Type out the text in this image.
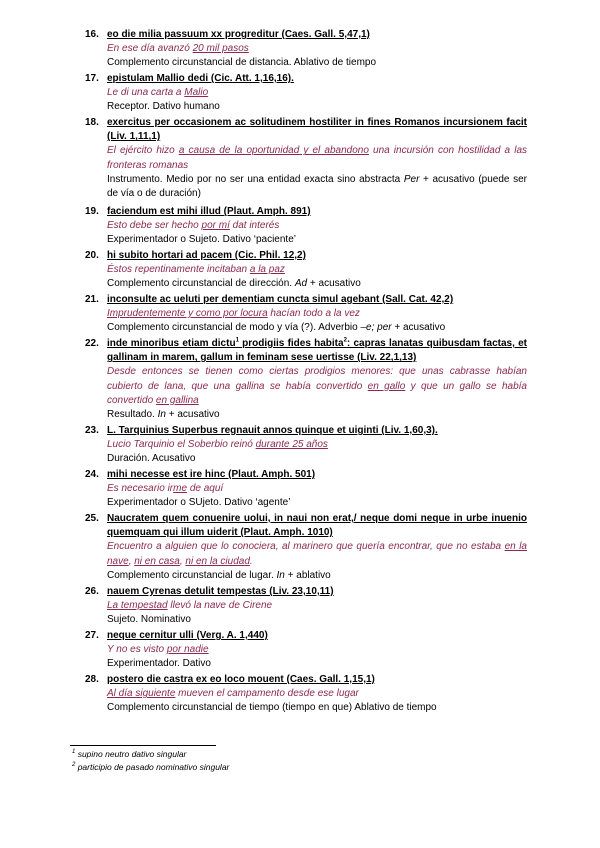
16. eo die milia passuum xx progreditur (Caes. Gall. 5,47,1)
En ese día avanzó 20 mil pasos
Complemento circunstancial de distancia. Ablativo de tiempo
17. epistulam Mallio dedi (Cic. Att. 1,16,16).
Le di una carta a Malio
Receptor. Dativo humano
18. exercitus per occasionem ac solitudinem hostiliter in fines Romanos incursionem facit (Liv. 1,11,1)
El ejército hizo a causa de la oportunidad y el abandono una incursión con hostilidad a las fronteras romanas
Instrumento. Medio por no ser una entidad exacta sino abstracta Per + acusativo (puede ser de vía o de duración)
19. faciendum est mihi illud (Plaut. Amph. 891)
Esto debe ser hecho por mí dat interés
Experimentador o Sujeto. Dativo ‘paciente’
20. hi subito hortari ad pacem (Cic. Phil. 12,2)
Éstos repentinamente incitaban a la paz
Complemento circunstancial de dirección. Ad + acusativo
21. inconsulte ac ueluti per dementiam cuncta simul agebant (Sall. Cat. 42,2)
Imprudentemente y como por locura hacían todo a la vez
Complemento circunstancial de modo y vía (?). Adverbio –e; per + acusativo
22. inde minoribus etiam dictu$^1$ prodigiis fides habita$^2$: capras lanatas quibusdam factas, et gallinam in marem, gallum in feminam sese uertisse (Liv. 22,1,13)
Desde entonces se tienen como ciertas prodigios menores: que unas cabrasse habían cubierto de lana, que una gallina se había convertido en gallo y que un gallo se había convertido en gallina
Resultado. In + acusativo
23. L. Tarquinius Superbus regnauit annos quinque et uiginti (Liv. 1,60,3).
Lucio Tarquinio el Soberbio reinó durante 25 años
Duración. Acusativo
24. mihi necesse est ire hinc (Plaut. Amph. 501)
Es necesario irme de aquí
Experimentador o SUjeto. Dativo ‘agente’
25. Naucratem quem conuenire uolui, in naui non erat,/ neque domi neque in urbe inuenio quemquam qui illum uiderit (Plaut. Amph. 1010)
Encuentro a alguien que lo conociera, al marinero que quería encontrar, que no estaba en la nave, ni en casa, ni en la ciudad.
Complemento circunstancial de lugar. In + ablativo
26. nauem Cyrenas detulit tempestas (Liv. 23,10,11)
La tempestad llevó la nave de Cirene
Sujeto. Nominativo
27. neque cernitur ulli (Verg. A. 1,440)
Y no es visto por nadie
Experimentador. Dativo
28. postero die castra ex eo loco mouent (Caes. Gall. 1,15,1)
Al día siguiente mueven el campamento desde ese lugar
Complemento circunstancial de tiempo (tiempo en que) Ablativo de tiempo
$^1$ supino neutro dativo singular
$^2$ participio de pasado nominativo singular
